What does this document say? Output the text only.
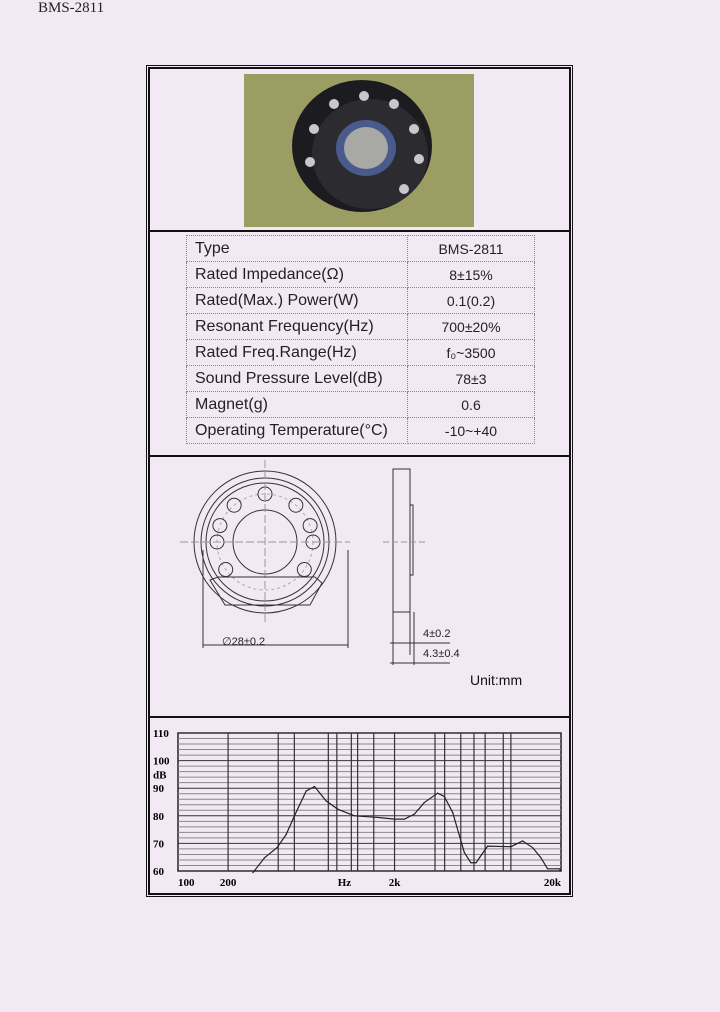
BMS-2811
Type	BMS-2811
Rated Impedance(Ω)	8±15%
Rated(Max.) Power(W)	0.1(0.2)
Resonant Frequency(Hz)	700±20%
Rated Freq.Range(Hz)	f₀~3500
Sound Pressure Level(dB)	78±3
Magnet(g)	0.6
Operating Temperature(°C)	-10~+40
∅28±0.2
4±0.2
4.3±0.4
Unit:mm
110
100
dB
90
80
70
60
100 200	Hz	2k	20k
